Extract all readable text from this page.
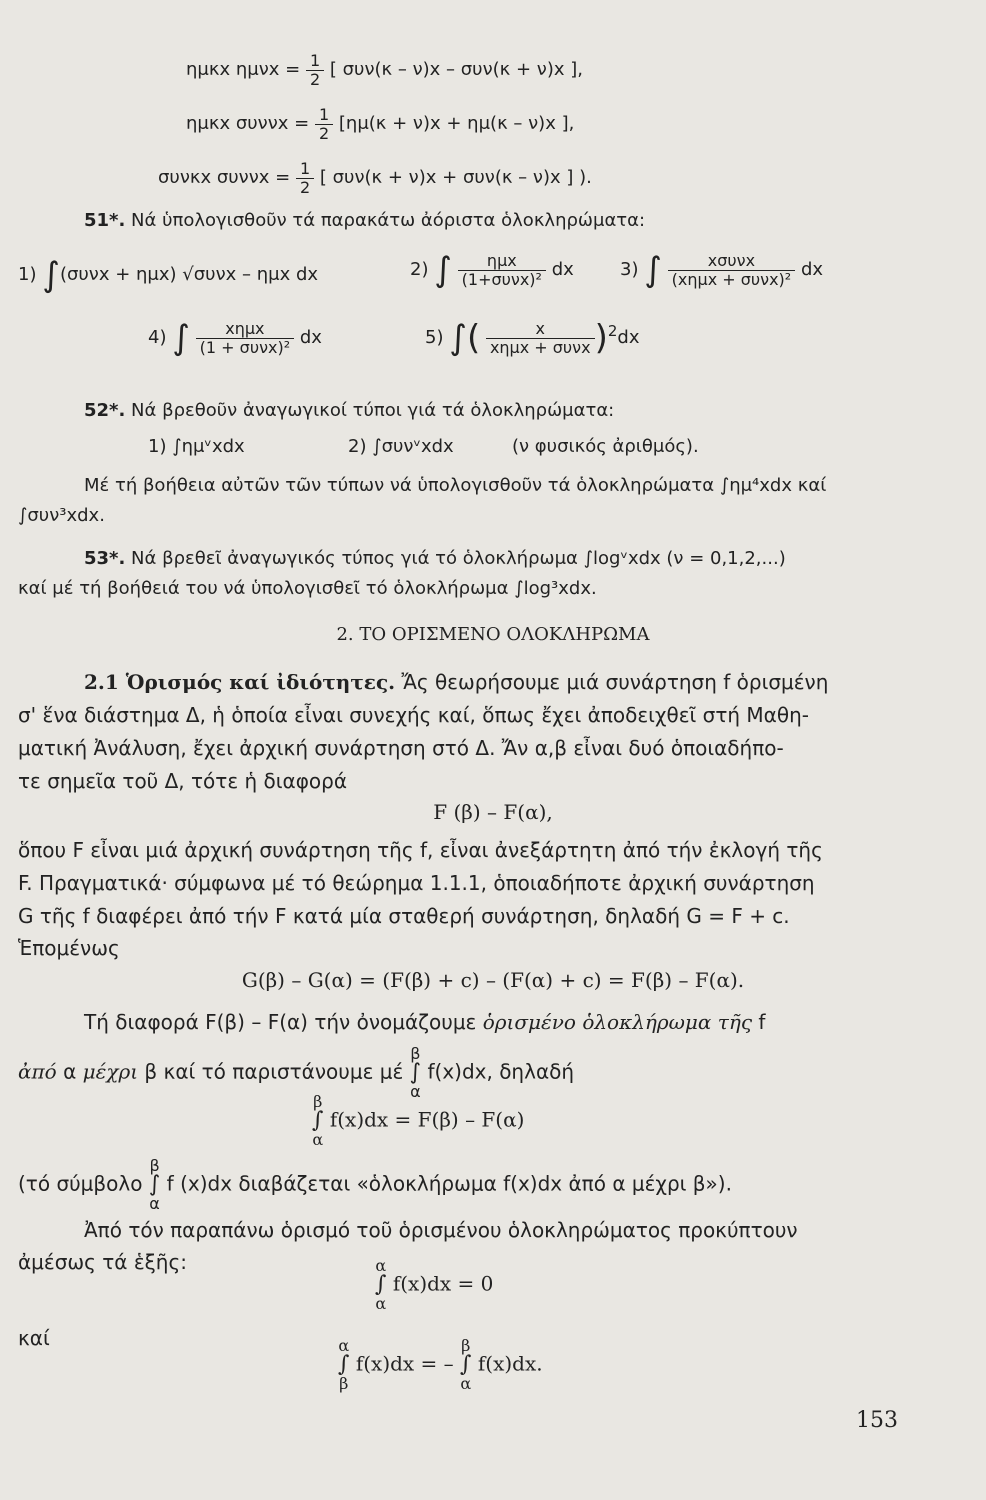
ημκx $\eta\mu\nu x = \frac{1}{2}$ [ συν(κ – ν)x – συν(κ + ν)x ],
ημκx $\sigma\upsilon\nu\nu x = \frac{1}{2} [\eta\mu(\kappa + \nu)x + \eta\mu(\kappa - \nu)x$ ],
συνκx $\sigma\upsilon\nu\nu x = \frac{1}{2}$ [ συν(κ + ν)x + συν(κ – ν)x ] ).
51*. Νά ὑπολογισθοῦν τά παρακάτω ἀόριστα ὁλοκληρώματα:
1) ∫(συνx + ημx) √συνx – ημx dx	2) ∫ $\frac{\text{ημx}}{\text{(1+συνx)²}}$ dx	3) ∫ $\frac{\text{xσυνx}}{\text{(xημx + συνx)²}}$ dx
4) ∫ $\frac{\text{xημx}}{\text{(1 + συνx)²}}$ dx	5) ∫( $\frac{x}{\text{xημx + συνx}} )^2dx$
52*. Νά βρεθοῦν ἀναγωγικοί τύποι γιά τά ὁλοκληρώματα:
1) ∫ημᵛxdx	2) ∫συνᵛxdx	(ν φυσικός ἀριθμός).
Μέ τή βοήθεια αὐτῶν τῶν τύπων νά ὑπολογισθοῦν τά ὁλοκληρώματα ∫ημ⁴xdx καί
∫συν³xdx.
53*. Νά βρεθεῖ ἀναγωγικός τύπος γιά τό ὁλοκλήρωμα ∫logᵛxdx (ν = 0,1,2,...)
καί μέ τή βοήθειά του νά ὑπολογισθεῖ τό ὁλοκλήρωμα ∫log³xdx.
2. ΤΟ ΟΡΙΣΜΕΝΟ ΟΛΟΚΛΗΡΩΜΑ
2.1 Ὁρισμός καί ἰδιότητες. Ἄς θεωρήσουμε μιά συνάρτηση f ὁρισμένη
σ' ἕνα διάστημα Δ, ἡ ὁποία εἶναι συνεχής καί, ὅπως ἔχει ἀποδειχθεῖ στή Μαθη-
ματική Ἀνάλυση, ἔχει ἀρχική συνάρτηση στό Δ. Ἄν α,β εἶναι δυό ὁποιαδήπο-
τε σημεῖα τοῦ Δ, τότε ἡ διαφορά
F (β) – F(α),
ὅπου F εἶναι μιά ἀρχική συνάρτηση τῆς f, εἶναι ἀνεξάρτητη ἀπό τήν ἐκλογή τῆς
F. Πραγματικά· σύμφωνα μέ τό θεώρημα 1.1.1, ὁποιαδήποτε ἀρχική συνάρτηση
G τῆς f διαφέρει ἀπό τήν F κατά μία σταθερή συνάρτηση, δηλαδή G = F + c.
Ἑπομένως
G(β) – G(α) = (F(β) + c) – (F(α) + c) = F(β) – F(α).
Τή διαφορά F(β) – F(α) τήν ὀνομάζουμε ὁρισμένο ὁλοκλήρωμα τῆς f
ἀπό α μέχρι β καί τό παριστάνουμε μέ
β
∫
α
f(x)dx, δηλαδή
β
∫
α
f(x)dx = F(β) – F(α)
(τό σύμβολο
β
∫
α
f (x)dx διαβάζεται «ὁλοκλήρωμα f(x)dx ἀπό α μέχρι β»).
Ἀπό τόν παραπάνω ὁρισμό τοῦ ὁρισμένου ὁλοκληρώματος προκύπτουν
ἀμέσως τά ἑξῆς:	α
∫
α
f(x)dx = 0
καί	α
∫
β
f(x)dx = –
β
∫
α
f(x)dx.
153
